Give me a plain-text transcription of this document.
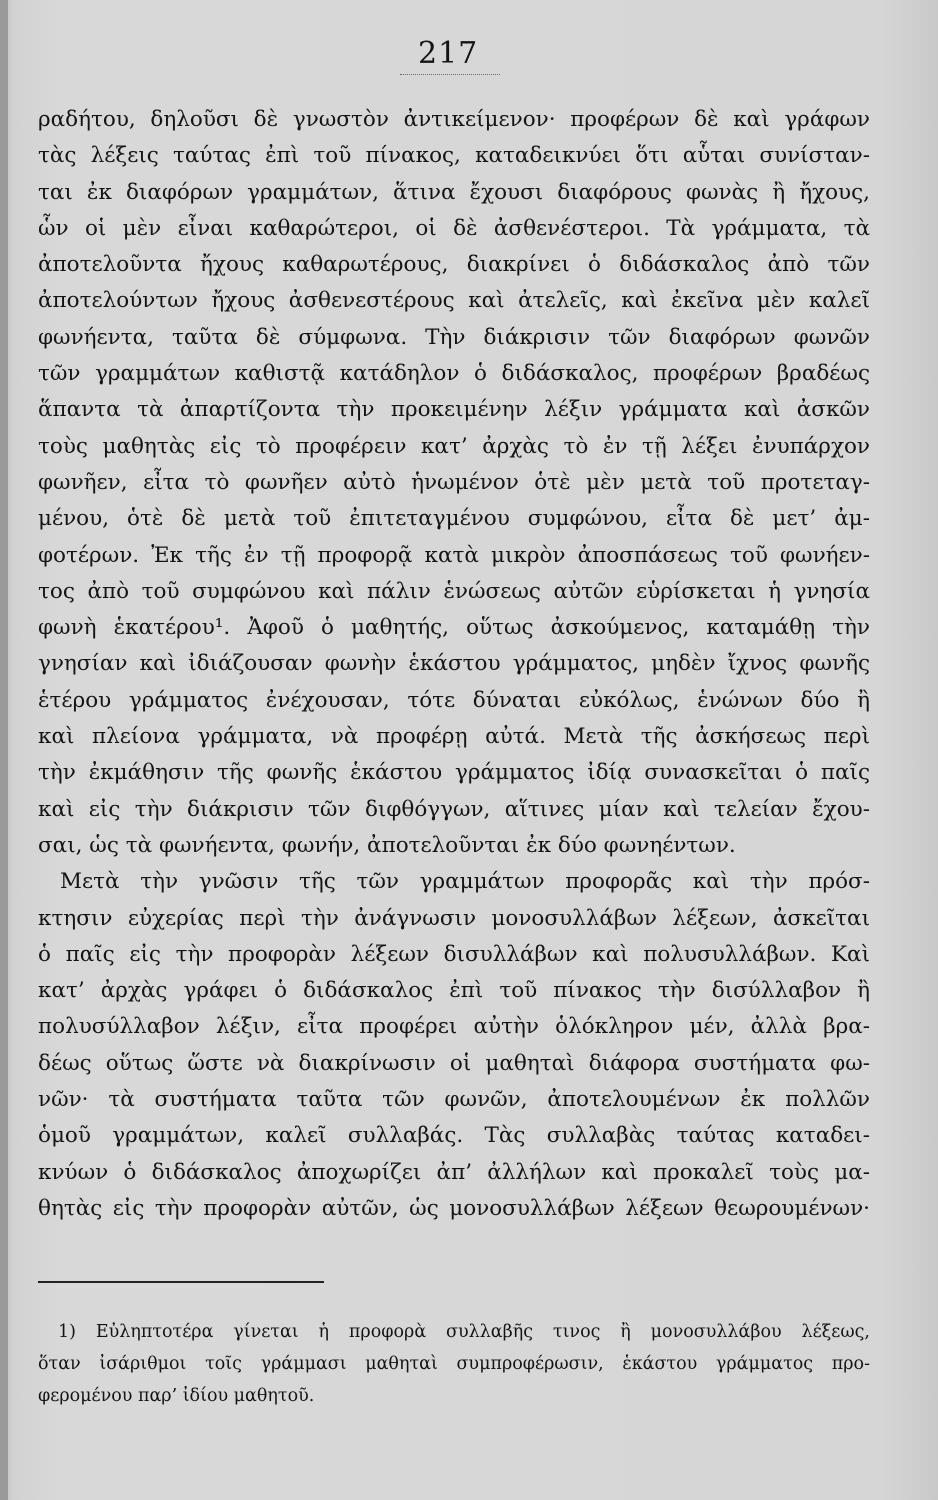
217
ραδήτου, δηλοῦσι δὲ γνωστὸν ἀντικείμενον· προφέρων δὲ καὶ γράφων
τὰς λέξεις ταύτας ἐπὶ τοῦ πίνακος, καταδεικνύει ὅτι αὗται συνίσταν-
ται ἐκ διαφόρων γραμμάτων, ἅτινα ἔχουσι διαφόρους φωνὰς ἢ ἤχους,
ὧν οἱ μὲν εἶναι καθαρώτεροι, οἱ δὲ ἀσθενέστεροι. Τὰ γράμματα, τὰ
ἀποτελοῦντα ἤχους καθαρωτέρους, διακρίνει ὁ διδάσκαλος ἀπὸ τῶν
ἀποτελούντων ἤχους ἀσθενεστέρους καὶ ἀτελεῖς, καὶ ἐκεῖνα μὲν καλεῖ
φωνήεντα, ταῦτα δὲ σύμφωνα. Τὴν διάκρισιν τῶν διαφόρων φωνῶν
τῶν γραμμάτων καθιστᾷ κατάδηλον ὁ διδάσκαλος, προφέρων βραδέως
ἅπαντα τὰ ἀπαρτίζοντα τὴν προκειμένην λέξιν γράμματα καὶ ἀσκῶν
τοὺς μαθητὰς εἰς τὸ προφέρειν κατ’ ἀρχὰς τὸ ἐν τῇ λέξει ἐνυπάρχον
φωνῆεν, εἶτα τὸ φωνῆεν αὐτὸ ἡνωμένον ὁτὲ μὲν μετὰ τοῦ προτεταγ-
μένου, ὁτὲ δὲ μετὰ τοῦ ἐπιτεταγμένου συμφώνου, εἶτα δὲ μετ’ ἀμ-
φοτέρων. Ἐκ τῆς ἐν τῇ προφορᾷ κατὰ μικρὸν ἀποσπάσεως τοῦ φωνήεν-
τος ἀπὸ τοῦ συμφώνου καὶ πάλιν ἑνώσεως αὐτῶν εὑρίσκεται ἡ γνησία
φωνὴ ἑκατέρου¹. Ἀφοῦ ὁ μαθητής, οὕτως ἀσκούμενος, καταμάθῃ τὴν
γνησίαν καὶ ἰδιάζουσαν φωνὴν ἑκάστου γράμματος, μηδὲν ἴχνος φωνῆς
ἑτέρου γράμματος ἐνέχουσαν, τότε δύναται εὐκόλως, ἑνώνων δύο ἢ
καὶ πλείονα γράμματα, νὰ προφέρῃ αὐτά. Μετὰ τῆς ἀσκήσεως περὶ
τὴν ἐκμάθησιν τῆς φωνῆς ἑκάστου γράμματος ἰδίᾳ συνασκεῖται ὁ παῖς
καὶ εἰς τὴν διάκρισιν τῶν διφθόγγων, αἵτινες μίαν καὶ τελείαν ἔχου-
σαι, ὡς τὰ φωνήεντα, φωνήν, ἀποτελοῦνται ἐκ δύο φωνηέντων.
Μετὰ τὴν γνῶσιν τῆς τῶν γραμμάτων προφορᾶς καὶ τὴν πρόσ-
κτησιν εὐχερίας περὶ τὴν ἀνάγνωσιν μονοσυλλάβων λέξεων, ἀσκεῖται
ὁ παῖς εἰς τὴν προφορὰν λέξεων δισυλλάβων καὶ πολυσυλλάβων. Καὶ
κατ’ ἀρχὰς γράφει ὁ διδάσκαλος ἐπὶ τοῦ πίνακος τὴν δισύλλαβον ἢ
πολυσύλλαβον λέξιν, εἶτα προφέρει αὐτὴν ὁλόκληρον μέν, ἀλλὰ βρα-
δέως οὕτως ὥστε νὰ διακρίνωσιν οἱ μαθηταὶ διάφορα συστήματα φω-
νῶν· τὰ συστήματα ταῦτα τῶν φωνῶν, ἀποτελουμένων ἐκ πολλῶν
ὁμοῦ γραμμάτων, καλεῖ συλλαβάς. Τὰς συλλαβὰς ταύτας καταδει-
κνύων ὁ διδάσκαλος ἀποχωρίζει ἀπ’ ἀλλήλων καὶ προκαλεῖ τοὺς μα-
θητὰς εἰς τὴν προφορὰν αὐτῶν, ὡς μονοσυλλάβων λέξεων θεωρουμένων·
1) Εὐληπτοτέρα γίνεται ἡ προφορὰ συλλαβῆς τινος ἢ μονοσυλλάβου λέξεως,
ὅταν ἰσάριθμοι τοῖς γράμμασι μαθηταὶ συμπροφέρωσιν, ἑκάστου γράμματος προ-
φερομένου παρ’ ἰδίου μαθητοῦ.
